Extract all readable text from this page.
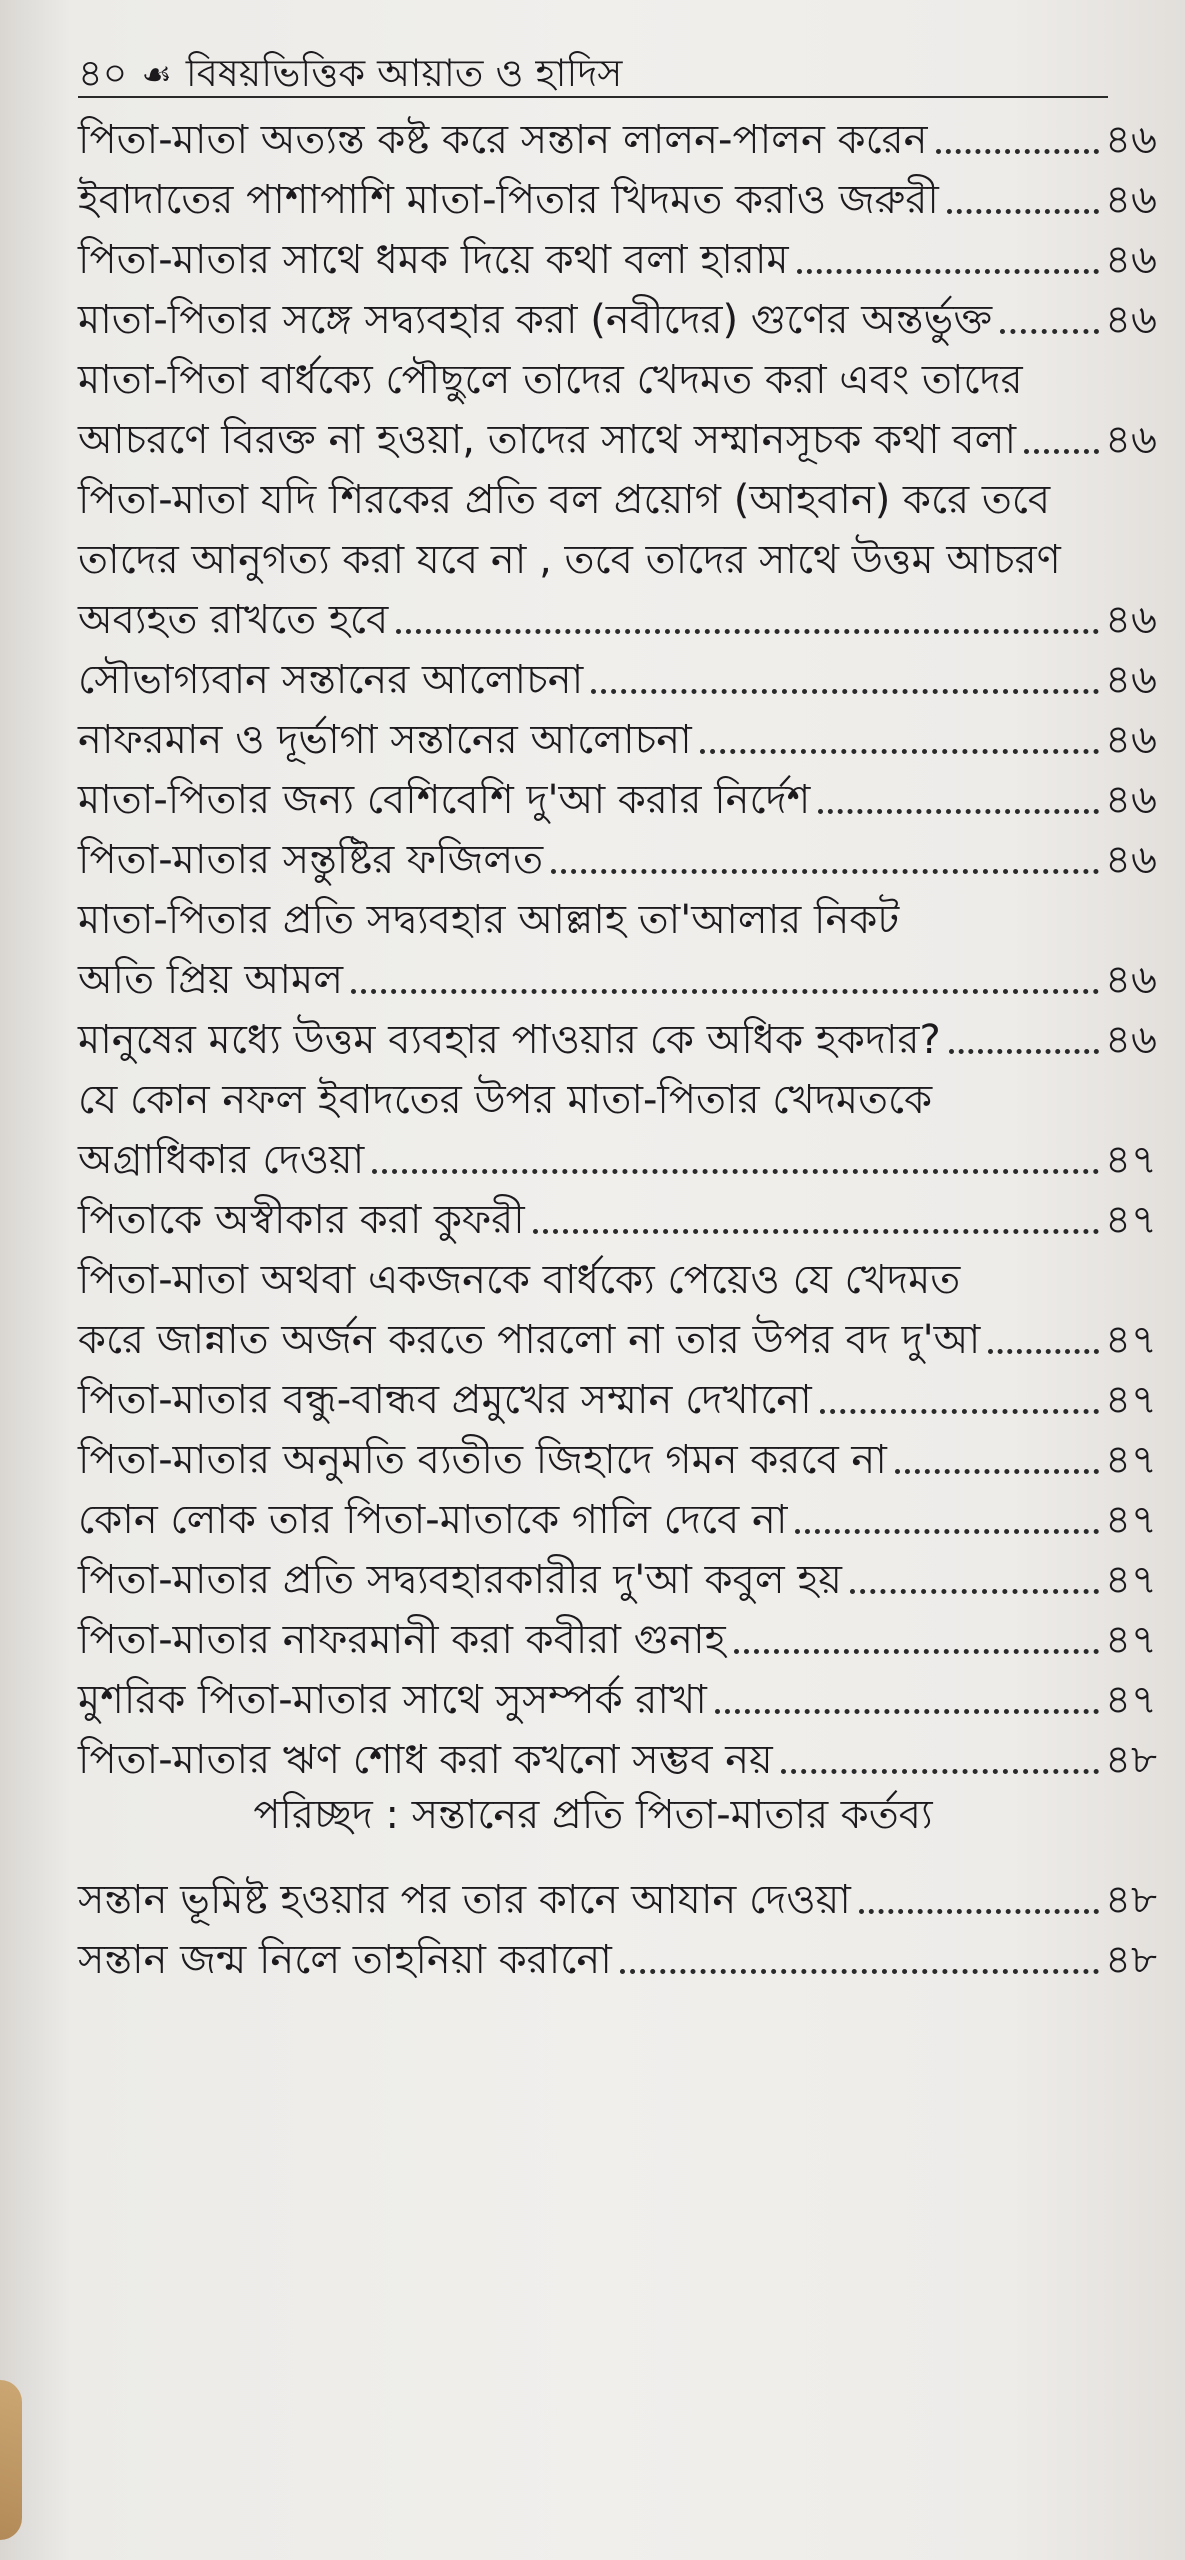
৪০ ☙ বিষয়ভিত্তিক আয়াত ও হাদিস
পিতা-মাতা অত্যন্ত কষ্ট করে সন্তান লালন-পালন করেন	৪৬
ইবাদাতের পাশাপাশি মাতা-পিতার খিদমত করাও জরুরী	৪৬
পিতা-মাতার সাথে ধমক দিয়ে কথা বলা হারাম	৪৬
মাতা-পিতার সঙ্গে সদ্ব্যবহার করা (নবীদের) গুণের অন্তর্ভুক্ত	৪৬
মাতা-পিতা বার্ধক্যে পৌছুলে তাদের খেদমত করা এবং তাদের
আচরণে বিরক্ত না হওয়া, তাদের সাথে সম্মানসূচক কথা বলা ৪৬
পিতা-মাতা যদি শিরকের প্রতি বল প্রয়োগ (আহবান) করে তবে
তাদের আনুগত্য করা যবে না , তবে তাদের সাথে উত্তম আচরণ
অব্যহত রাখতে হবে	৪৬
সৌভাগ্যবান সন্তানের আলোচনা	৪৬
নাফরমান ও দূর্ভাগা সন্তানের আলোচনা	৪৬
মাতা-পিতার জন্য বেশিবেশি দু'আ করার নির্দেশ	৪৬
পিতা-মাতার সন্তুষ্টির ফজিলত	৪৬
মাতা-পিতার প্রতি সদ্ব্যবহার আল্লাহ তা'আলার নিকট
অতি প্রিয় আমল	৪৬
মানুষের মধ্যে উত্তম ব্যবহার পাওয়ার কে অধিক হকদার?	৪৬
যে কোন নফল ইবাদতের উপর মাতা-পিতার খেদমতকে
অগ্রাধিকার দেওয়া	৪৭
পিতাকে অস্বীকার করা কুফরী	৪৭
পিতা-মাতা অথবা একজনকে বার্ধক্যে পেয়েও যে খেদমত
করে জান্নাত অর্জন করতে পারলো না তার উপর বদ দু'আ	৪৭
পিতা-মাতার বন্ধু-বান্ধব প্রমুখের সম্মান দেখানো	৪৭
পিতা-মাতার অনুমতি ব্যতীত জিহাদে গমন করবে না	৪৭
কোন লোক তার পিতা-মাতাকে গালি দেবে না	৪৭
পিতা-মাতার প্রতি সদ্ব্যবহারকারীর দু'আ কবুল হয়	৪৭
পিতা-মাতার নাফরমানী করা কবীরা গুনাহ	৪৭
মুশরিক পিতা-মাতার সাথে সুসম্পর্ক রাখা	৪৭
পিতা-মাতার ঋণ শোধ করা কখনো সম্ভব নয়	৪৮
পরিচ্ছদ : সন্তানের প্রতি পিতা-মাতার কর্তব্য
সন্তান ভূমিষ্ট হওয়ার পর তার কানে আযান দেওয়া	৪৮
সন্তান জন্ম নিলে তাহনিয়া করানো	৪৮
